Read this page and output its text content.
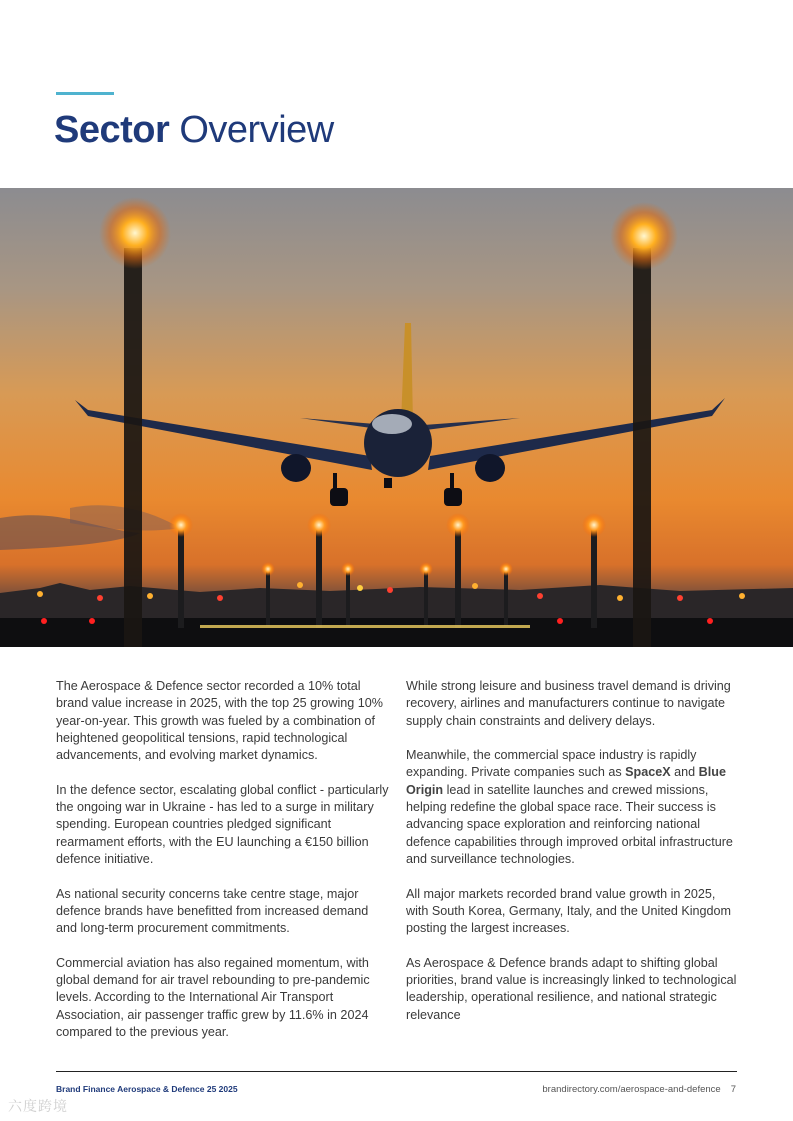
Sector Overview

The Aerospace & Defence sector recorded a 10% total brand value increase in 2025, with the top 25 growing 10% year-on-year. This growth was fueled by a combination of heightened geopolitical tensions, rapid technological advancements, and evolving market dynamics.

In the defence sector, escalating global conflict - particularly the ongoing war in Ukraine - has led to a surge in military spending. European countries pledged significant rearmament efforts, with the EU launching a €150 billion defence initiative.

As national security concerns take centre stage, major defence brands have benefitted from increased demand and long-term procurement commitments.

Commercial aviation has also regained momentum, with global demand for air travel rebounding to pre-pandemic levels. According to the International Air Transport Association, air passenger traffic grew by 11.6% in 2024 compared to the previous year.

While strong leisure and business travel demand is driving recovery, airlines and manufacturers continue to navigate supply chain constraints and delivery delays.

Meanwhile, the commercial space industry is rapidly expanding. Private companies such as SpaceX and Blue Origin lead in satellite launches and crewed missions, helping redefine the global space race. Their success is advancing space exploration and reinforcing national defence capabilities through improved orbital infrastructure and surveillance technologies.

All major markets recorded brand value growth in 2025, with South Korea, Germany, Italy, and the United Kingdom posting the largest increases.

As Aerospace & Defence brands adapt to shifting global priorities, brand value is increasingly linked to technological leadership, operational resilience, and national strategic relevance

Brand Finance Aerospace & Defence 25 2025	brandirectory.com/aerospace-and-defence 7
六度跨境
